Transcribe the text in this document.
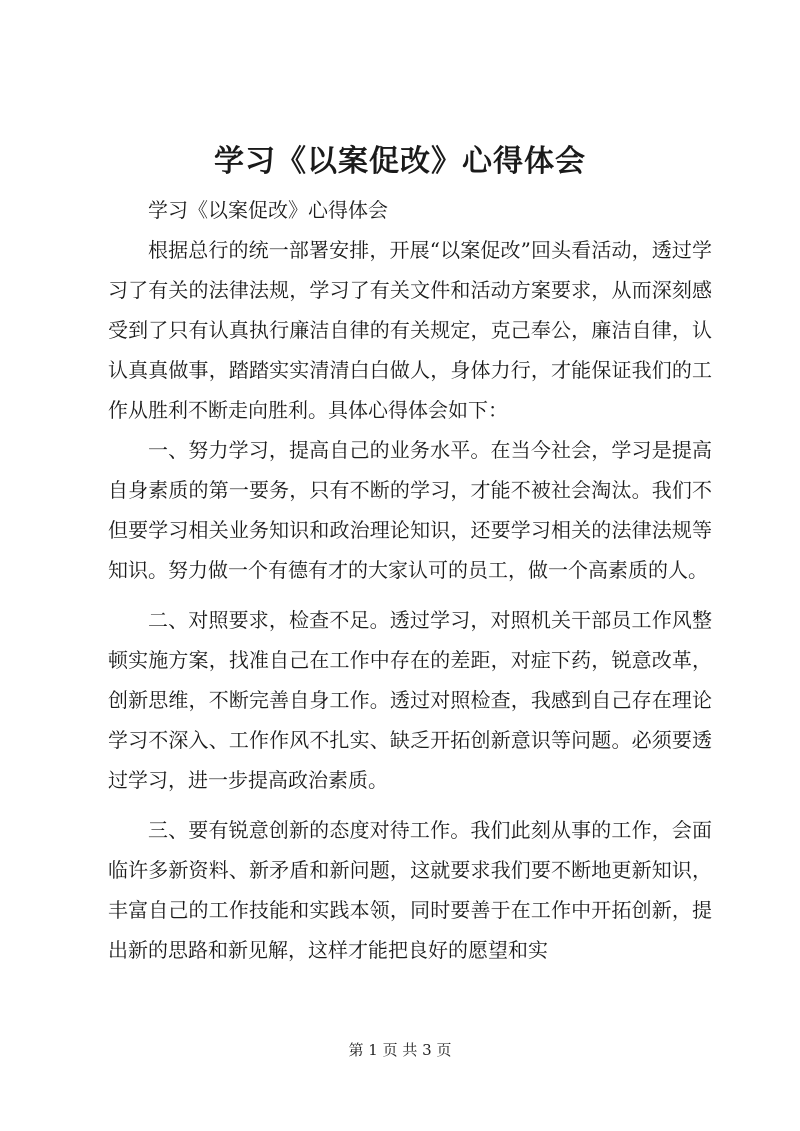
学习《以案促改》心得体会

学习《以案促改》心得体会

根据总行的统一部署安排，开展“以案促改”回头看活动，透过学习了有关的法律法规，学习了有关文件和活动方案要求，从而深刻感受到了只有认真执行廉洁自律的有关规定，克己奉公，廉洁自律，认认真真做事，踏踏实实清清白白做人，身体力行，才能保证我们的工作从胜利不断走向胜利。具体心得体会如下：

一、努力学习，提高自己的业务水平。在当今社会，学习是提高自身素质的第一要务，只有不断的学习，才能不被社会淘汰。我们不但要学习相关业务知识和政治理论知识，还要学习相关的法律法规等知识。努力做一个有德有才的大家认可的员工，做一个高素质的人。

二、对照要求，检查不足。透过学习，对照机关干部员工作风整顿实施方案，找准自己在工作中存在的差距，对症下药，锐意改革，创新思维，不断完善自身工作。透过对照检查，我感到自己存在理论学习不深入、工作作风不扎实、缺乏开拓创新意识等问题。必须要透过学习，进一步提高政治素质。

三、要有锐意创新的态度对待工作。我们此刻从事的工作，会面临许多新资料、新矛盾和新问题，这就要求我们要不断地更新知识，丰富自己的工作技能和实践本领，同时要善于在工作中开拓创新，提出新的思路和新见解，这样才能把良好的愿望和实

第 1 页 共 3 页
